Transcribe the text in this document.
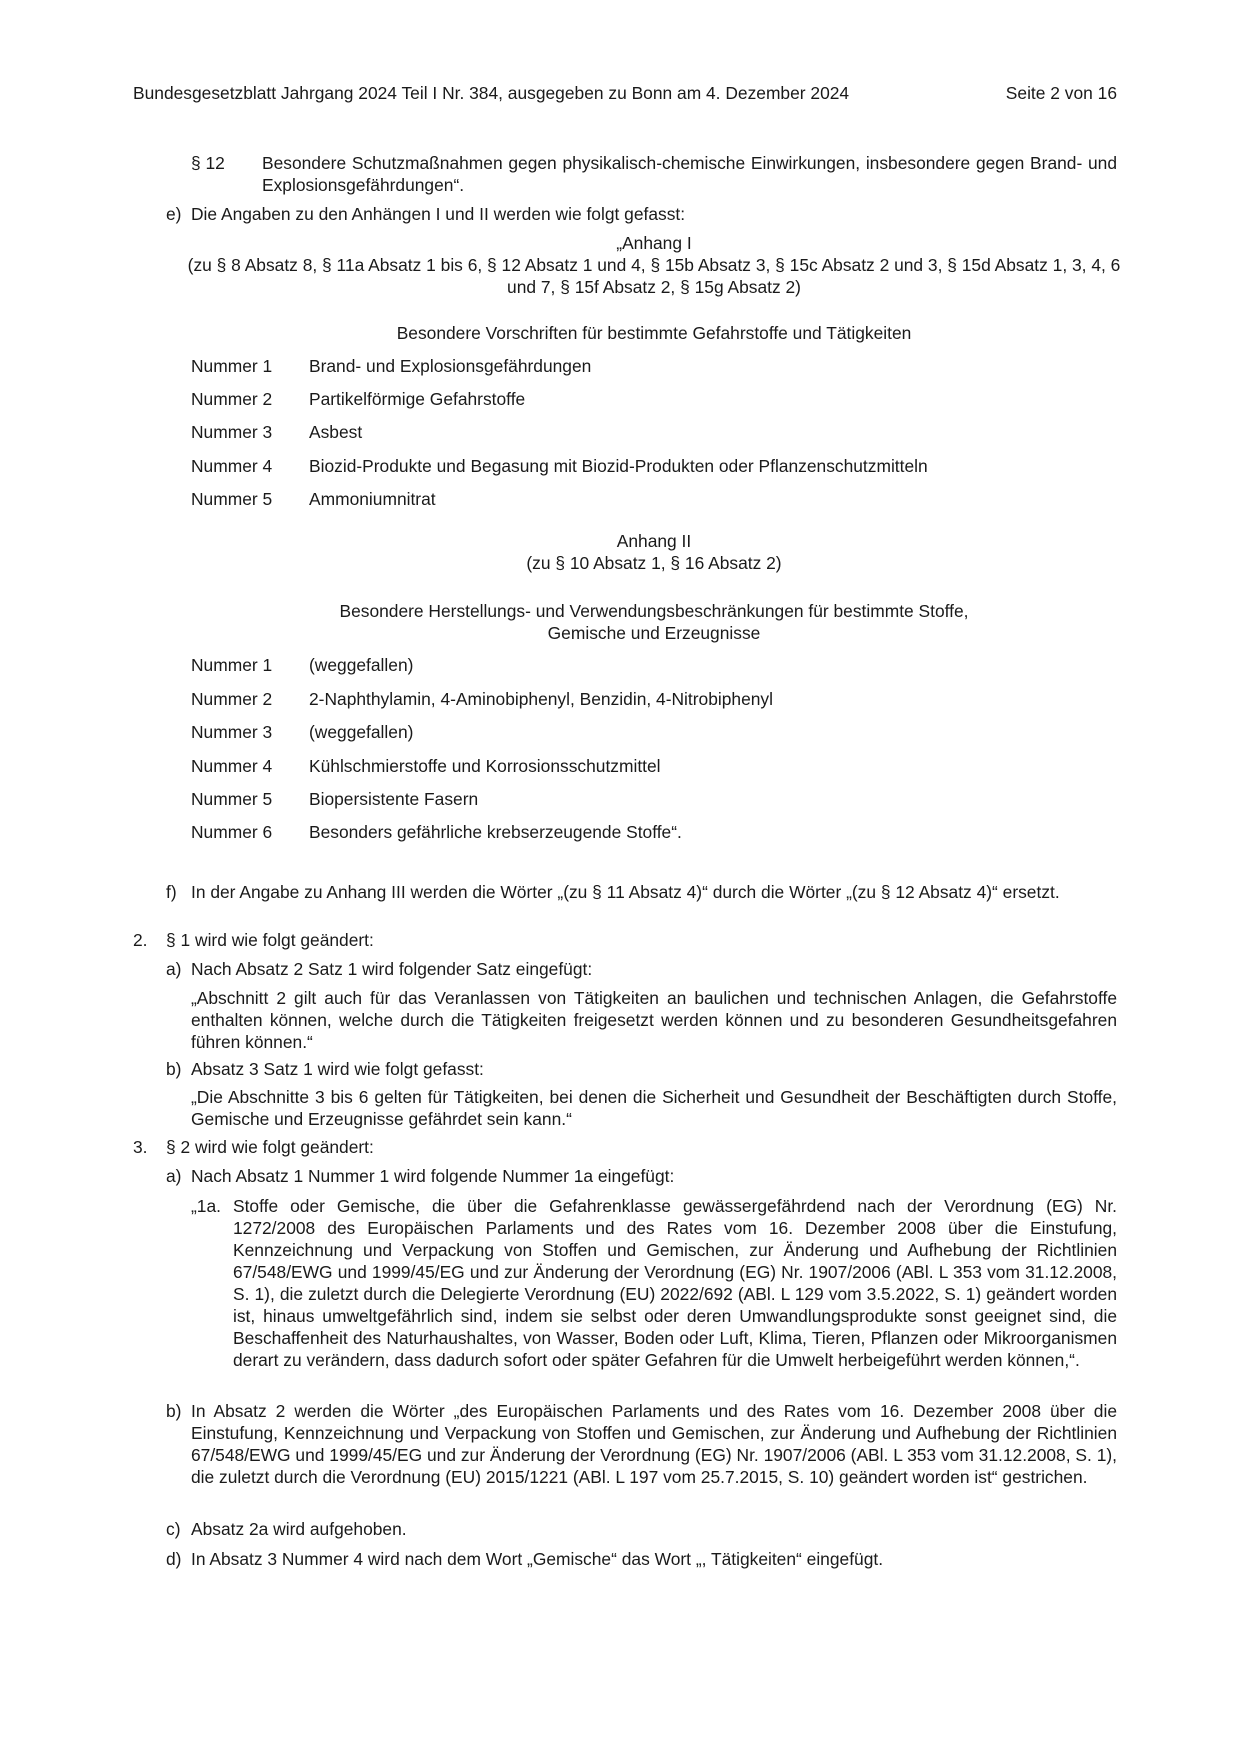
Bundesgesetzblatt Jahrgang 2024 Teil I Nr. 384, ausgegeben zu Bonn am 4. Dezember 2024	Seite 2 von 16
§ 12 Besondere Schutzmaßnahmen gegen physikalisch-chemische Einwirkungen, insbesondere gegen Brand- und Explosionsgefährdungen“.
e) Die Angaben zu den Anhängen I und II werden wie folgt gefasst:
„Anhang I
(zu § 8 Absatz 8, § 11a Absatz 1 bis 6, § 12 Absatz 1 und 4, § 15b Absatz 3, § 15c Absatz 2 und 3, § 15d Absatz 1, 3, 4, 6 und 7, § 15f Absatz 2, § 15g Absatz 2)
Besondere Vorschriften für bestimmte Gefahrstoffe und Tätigkeiten
Nummer 1 Brand- und Explosionsgefährdungen
Nummer 2 Partikelförmige Gefahrstoffe
Nummer 3 Asbest
Nummer 4 Biozid-Produkte und Begasung mit Biozid-Produkten oder Pflanzenschutzmitteln
Nummer 5 Ammoniumnitrat
Anhang II
(zu § 10 Absatz 1, § 16 Absatz 2)
Besondere Herstellungs- und Verwendungsbeschränkungen für bestimmte Stoffe,
Gemische und Erzeugnisse
Nummer 1 (weggefallen)
Nummer 2 2-Naphthylamin, 4-Aminobiphenyl, Benzidin, 4-Nitrobiphenyl
Nummer 3 (weggefallen)
Nummer 4 Kühlschmierstoffe und Korrosionsschutzmittel
Nummer 5 Biopersistente Fasern
Nummer 6 Besonders gefährliche krebserzeugende Stoffe“.
f) In der Angabe zu Anhang III werden die Wörter „(zu § 11 Absatz 4)“ durch die Wörter „(zu § 12 Absatz 4)“ ersetzt.
2. § 1 wird wie folgt geändert:
a) Nach Absatz 2 Satz 1 wird folgender Satz eingefügt:
„Abschnitt 2 gilt auch für das Veranlassen von Tätigkeiten an baulichen und technischen Anlagen, die Gefahrstoffe enthalten können, welche durch die Tätigkeiten freigesetzt werden können und zu besonderen Gesundheitsgefahren führen können.“
b) Absatz 3 Satz 1 wird wie folgt gefasst:
„Die Abschnitte 3 bis 6 gelten für Tätigkeiten, bei denen die Sicherheit und Gesundheit der Beschäftigten durch Stoffe, Gemische und Erzeugnisse gefährdet sein kann.“
3. § 2 wird wie folgt geändert:
a) Nach Absatz 1 Nummer 1 wird folgende Nummer 1a eingefügt:
„1a. Stoffe oder Gemische, die über die Gefahrenklasse gewässergefährdend nach der Verordnung (EG) Nr. 1272/2008 des Europäischen Parlaments und des Rates vom 16. Dezember 2008 über die Einstufung, Kennzeichnung und Verpackung von Stoffen und Gemischen, zur Änderung und Aufhebung der Richtlinien 67/548/EWG und 1999/45/EG und zur Änderung der Verordnung (EG) Nr. 1907/2006 (ABl. L 353 vom 31.12.2008, S. 1), die zuletzt durch die Delegierte Verordnung (EU) 2022/692 (ABl. L 129 vom 3.5.2022, S. 1) geändert worden ist, hinaus umweltgefährlich sind, indem sie selbst oder deren Umwandlungsprodukte sonst geeignet sind, die Beschaffenheit des Naturhaushaltes, von Wasser, Boden oder Luft, Klima, Tieren, Pflanzen oder Mikroorganismen derart zu verändern, dass dadurch sofort oder später Gefahren für die Umwelt herbeigeführt werden können,“.
b) In Absatz 2 werden die Wörter „des Europäischen Parlaments und des Rates vom 16. Dezember 2008 über die Einstufung, Kennzeichnung und Verpackung von Stoffen und Gemischen, zur Änderung und Aufhebung der Richtlinien 67/548/EWG und 1999/45/EG und zur Änderung der Verordnung (EG) Nr. 1907/2006 (ABl. L 353 vom 31.12.2008, S. 1), die zuletzt durch die Verordnung (EU) 2015/1221 (ABl. L 197 vom 25.7.2015, S. 10) geändert worden ist“ gestrichen.
c) Absatz 2a wird aufgehoben.
d) In Absatz 3 Nummer 4 wird nach dem Wort „Gemische“ das Wort „, Tätigkeiten“ eingefügt.
